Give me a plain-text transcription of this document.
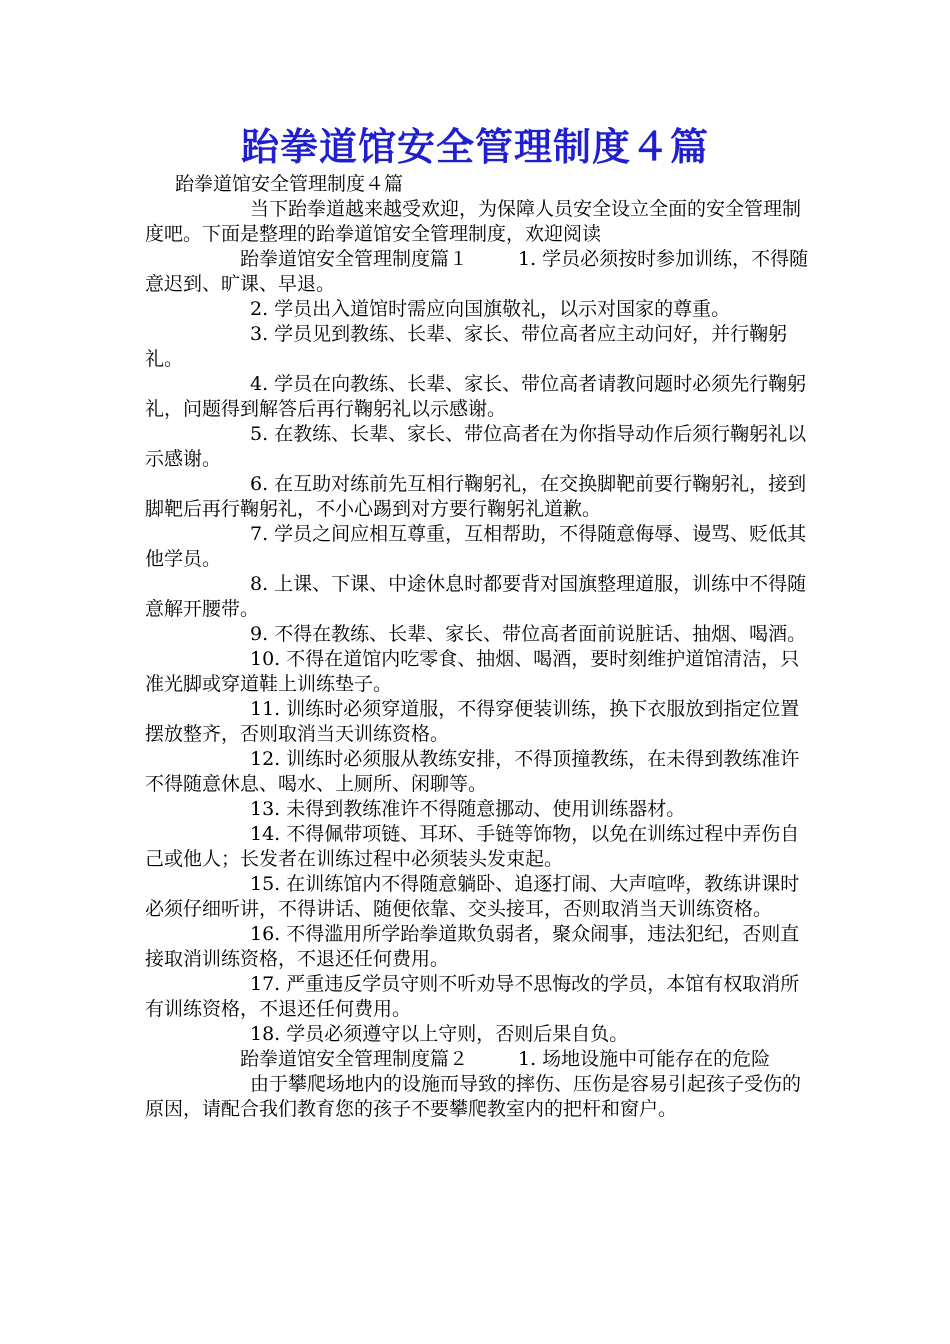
跆拳道馆安全管理制度４篇

跆拳道馆安全管理制度４篇

当下跆拳道越来越受欢迎，为保障人员安全设立全面的安全管理制度吧。下面是整理的跆拳道馆安全管理制度，欢迎阅读

跆拳道馆安全管理制度篇１	1. 学员必须按时参加训练，不得随意迟到、旷课、早退。

2. 学员出入道馆时需应向国旗敬礼，以示对国家的尊重。

3. 学员见到教练、长辈、家长、带位高者应主动问好，并行鞠躬礼。

4. 学员在向教练、长辈、家长、带位高者请教问题时必须先行鞠躬礼，问题得到解答后再行鞠躬礼以示感谢。

5. 在教练、长辈、家长、带位高者在为你指导动作后须行鞠躬礼以示感谢。

6. 在互助对练前先互相行鞠躬礼，在交换脚靶前要行鞠躬礼，接到脚靶后再行鞠躬礼，不小心踢到对方要行鞠躬礼道歉。

7. 学员之间应相互尊重，互相帮助，不得随意侮辱、谩骂、贬低其他学员。

8. 上课、下课、中途休息时都要背对国旗整理道服，训练中不得随意解开腰带。

9. 不得在教练、长辈、家长、带位高者面前说脏话、抽烟、喝酒。

10. 不得在道馆内吃零食、抽烟、喝酒，要时刻维护道馆清洁，只准光脚或穿道鞋上训练垫子。

11. 训练时必须穿道服，不得穿便装训练，换下衣服放到指定位置摆放整齐，否则取消当天训练资格。

12. 训练时必须服从教练安排，不得顶撞教练，在未得到教练准许不得随意休息、喝水、上厕所、闲聊等。

13. 未得到教练准许不得随意挪动、使用训练器材。

14. 不得佩带项链、耳环、手链等饰物，以免在训练过程中弄伤自己或他人；长发者在训练过程中必须装头发束起。

15. 在训练馆内不得随意躺卧、追逐打闹、大声喧哗，教练讲课时必须仔细听讲，不得讲话、随便依靠、交头接耳，否则取消当天训练资格。

16. 不得滥用所学跆拳道欺负弱者，聚众闹事，违法犯纪，否则直接取消训练资格，不退还任何费用。

17. 严重违反学员守则不听劝导不思悔改的学员，本馆有权取消所有训练资格，不退还任何费用。

18. 学员必须遵守以上守则，否则后果自负。

跆拳道馆安全管理制度篇２	1. 场地设施中可能存在的危险

由于攀爬场地内的设施而导致的摔伤、压伤是容易引起孩子受伤的原因，请配合我们教育您的孩子不要攀爬教室内的把杆和窗户。
